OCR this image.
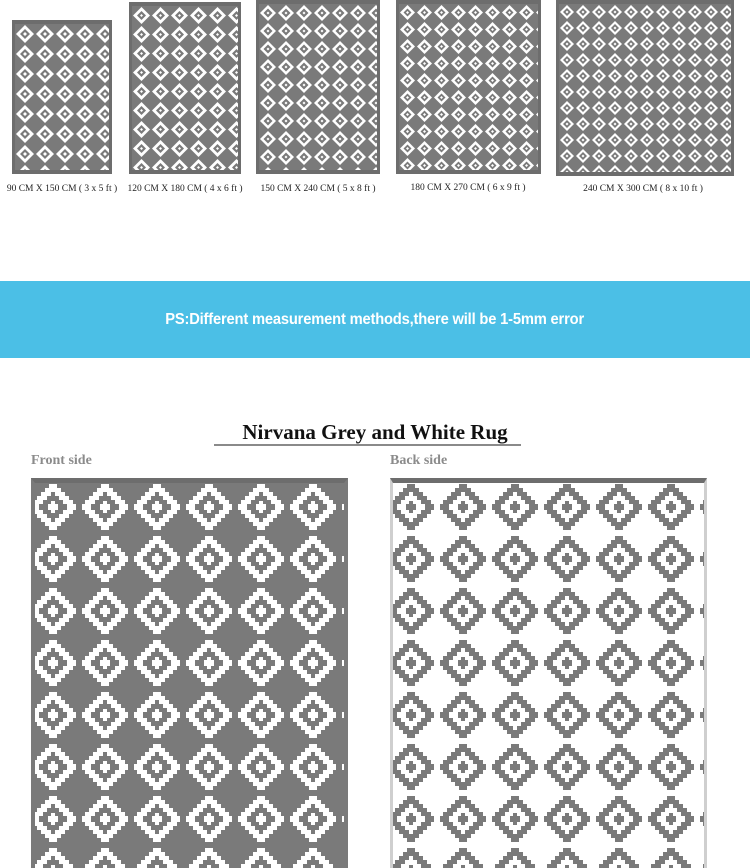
90 CM X 150 CM ( 3 x 5 ft )	120 CM X 180 CM ( 4 x 6 ft )	150 CM X 240 CM ( 5 x 8 ft )	180 CM X 270 CM ( 6 x 9 ft )	240 CM X 300 CM ( 8 x 10 ft )
PS:Different measurement methods,there will be 1-5mm error
Nirvana Grey and White Rug
Front side	Back side
